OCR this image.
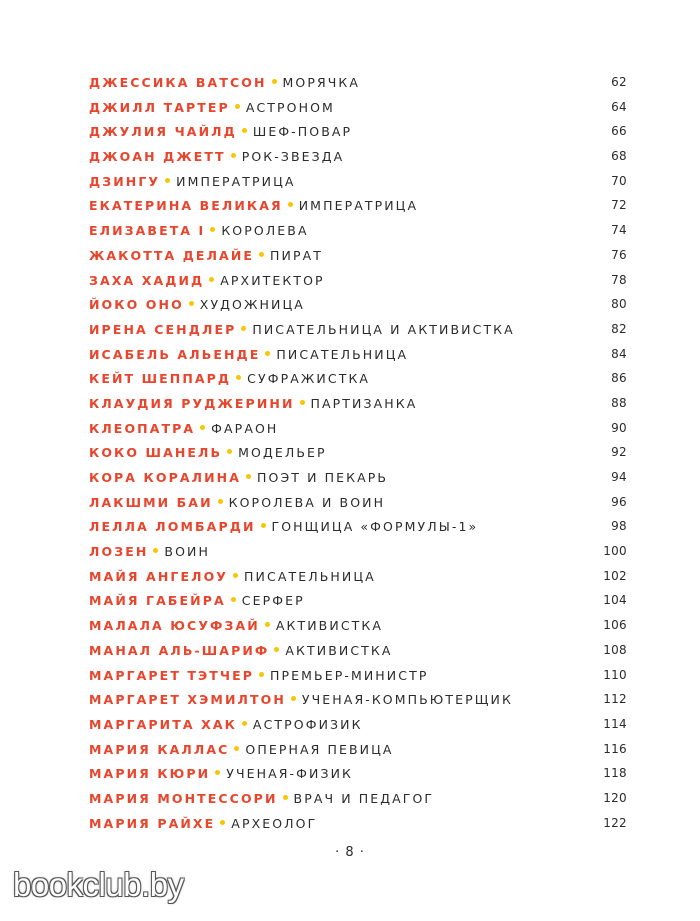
ДЖЕССИКА ВАТСОН МОРЯЧКА	62
ДЖИЛЛ ТАРТЕР АСТРОНОМ	64
ДЖУЛИЯ ЧАЙЛД ШЕФ-ПОВАР	66
ДЖОАН ДЖЕТТ РОК-ЗВЕЗДА	68
ДЗИНГУ ИМПЕРАТРИЦА	70
ЕКАТЕРИНА ВЕЛИКАЯ ИМПЕРАТРИЦА	72
ЕЛИЗАВЕТА I КОРОЛЕВА	74
ЖАКОТТА ДЕЛАЙЕ ПИРАТ	76
ЗАХА ХАДИД АРХИТЕКТОР	78
ЙОКО ОНО ХУДОЖНИЦА	80
ИРЕНА СЕНДЛЕР ПИСАТЕЛЬНИЦА И АКТИВИСТКА	82
ИСАБЕЛЬ АЛЬЕНДЕ ПИСАТЕЛЬНИЦА	84
КЕЙТ ШЕППАРД СУФРАЖИСТКА	86
КЛАУДИЯ РУДЖЕРИНИ ПАРТИЗАНКА	88
КЛЕОПАТРА ФАРАОН	90
КОКО ШАНЕЛЬ МОДЕЛЬЕР	92
КОРА КОРАЛИНА ПОЭТ И ПЕКАРЬ	94
ЛАКШМИ БАИ КОРОЛЕВА И ВОИН	96
ЛЕЛЛА ЛОМБАРДИ ГОНЩИЦА «ФОРМУЛЫ-1»	98
ЛОЗЕН ВОИН	100
МАЙЯ АНГЕЛОУ ПИСАТЕЛЬНИЦА	102
МАЙЯ ГАБЕЙРА СЕРФЕР	104
МАЛАЛА ЮСУФЗАЙ АКТИВИСТКА	106
МАНАЛ АЛЬ-ШАРИФ АКТИВИСТКА	108
МАРГАРЕТ ТЭТЧЕР ПРЕМЬЕР-МИНИСТР	110
МАРГАРЕТ ХЭМИЛТОН УЧЕНАЯ-КОМПЬЮТЕРЩИК	112
МАРГАРИТА ХАК АСТРОФИЗИК	114
МАРИЯ КАЛЛАС ОПЕРНАЯ ПЕВИЦА	116
МАРИЯ КЮРИ УЧЕНАЯ-ФИЗИК	118
МАРИЯ МОНТЕССОРИ ВРАЧ И ПЕДАГОГ	120
МАРИЯ РАЙХЕ АРХЕОЛОГ	122
· 8 ·
bookclub.by
